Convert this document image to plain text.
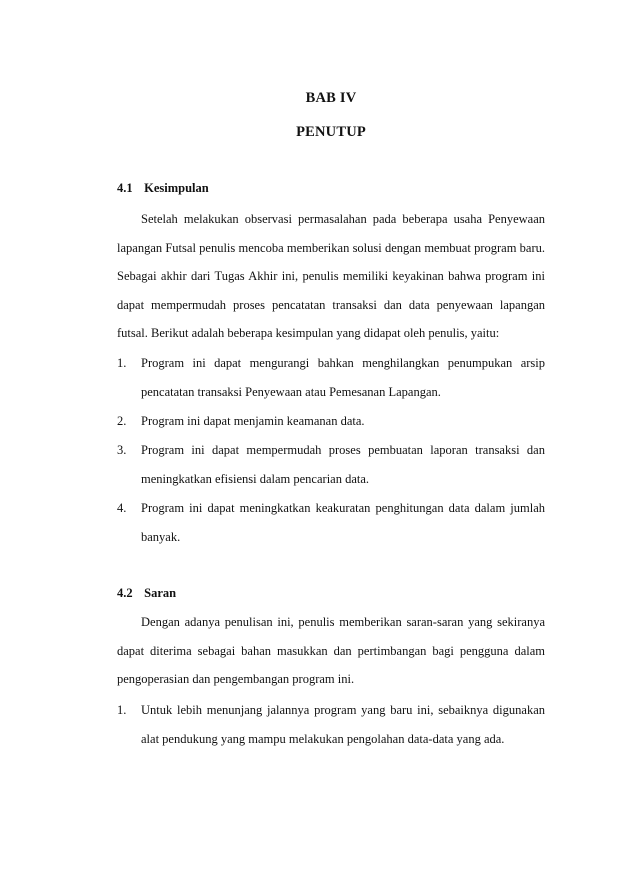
BAB IV
PENUTUP
4.1 Kesimpulan

Setelah melakukan observasi permasalahan pada beberapa usaha Penyewaan lapangan Futsal penulis mencoba memberikan solusi dengan membuat program baru. Sebagai akhir dari Tugas Akhir ini, penulis memiliki keyakinan bahwa program ini dapat mempermudah proses pencatatan transaksi dan data penyewaan lapangan futsal. Berikut adalah beberapa kesimpulan yang didapat oleh penulis, yaitu:

1.	Program ini dapat mengurangi bahkan menghilangkan penumpukan arsip pencatatan transaksi Penyewaan atau Pemesanan Lapangan.
2.	Program ini dapat menjamin keamanan data.
3.	Program ini dapat mempermudah proses pembuatan laporan transaksi dan meningkatkan efisiensi dalam pencarian data.
4.	Program ini dapat meningkatkan keakuratan penghitungan data dalam jumlah banyak.
4.2 Saran

Dengan adanya penulisan ini, penulis memberikan saran-saran yang sekiranya dapat diterima sebagai bahan masukkan dan pertimbangan bagi pengguna dalam pengoperasian dan pengembangan program ini.

1.	Untuk lebih menunjang jalannya program yang baru ini, sebaiknya digunakan alat pendukung yang mampu melakukan pengolahan data-data yang ada.
